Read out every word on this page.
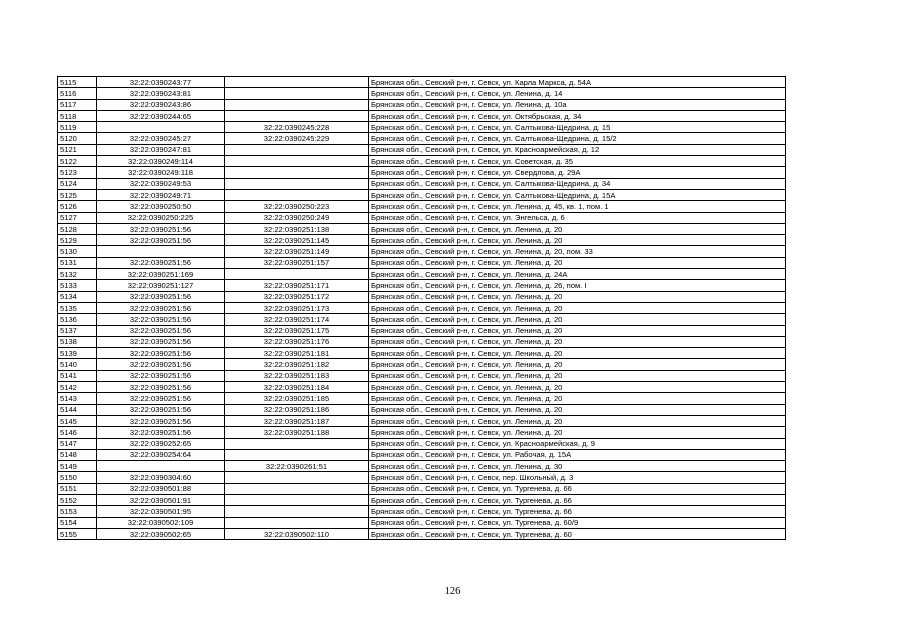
5115	32:22:0390243:77		Брянская обл., Севский р-н, г. Севск, ул. Карла Маркса, д. 54А
5116	32:22:0390243:81		Брянская обл., Севский р-н, г. Севск, ул. Ленина, д. 14
5117	32:22:0390243:86		Брянская обл., Севский р-н, г. Севск, ул. Ленина, д. 10а
5118	32:22:0390244:65		Брянская обл., Севский р-н, г. Севск, ул. Октябрьская, д. 34
5119		32:22:0390245:228	Брянская обл., Севский р-н, г. Севск, ул. Салтыкова-Щедрина, д. 15
5120	32:22:0390245:27	32:22:0390245:229	Брянская обл., Севский р-н, г. Севск, ул. Салтыкова-Щедрина, д. 15/2
5121	32:22:0390247:81		Брянская обл., Севский р-н, г. Севск, ул. Красноармейская, д. 12
5122	32:22:0390249:114		Брянская обл., Севский р-н, г. Севск, ул. Советская, д. 35
5123	32:22:0390249:118		Брянская обл., Севский р-н, г. Севск, ул. Свердлова, д. 29А
5124	32:22:0390249:53		Брянская обл., Севский р-н, г. Севск, ул. Салтыкова-Щедрина, д. 34
5125	32:22:0390249:71		Брянская обл., Севский р-н, г. Севск, ул. Салтыкова-Щедрина, д. 15А
5126	32:22:0390250:50	32:22:0390250:223	Брянская обл., Севский р-н, г. Севск, ул. Ленина, д. 45, кв. 1, пом. 1
5127	32:22:0390250:225	32:22:0390250:249	Брянская обл., Севский р-н, г. Севск, ул. Энгельса, д. 6
5128	32:22:0390251:56	32:22:0390251:138	Брянская обл., Севский р-н, г. Севск, ул. Ленина, д. 20
5129	32:22:0390251:56	32:22:0390251:145	Брянская обл., Севский р-н, г. Севск, ул. Ленина, д. 20
5130		32:22:0390251:149	Брянская обл., Севский р-н, г. Севск, ул. Ленина, д. 20, пом. 33
5131	32:22:0390251:56	32:22:0390251:157	Брянская обл., Севский р-н, г. Севск, ул. Ленина, д. 20
5132	32:22:0390251:169		Брянская обл., Севский р-н, г. Севск, ул. Ленина, д. 24А
5133	32:22:0390251:127	32:22:0390251:171	Брянская обл., Севский р-н, г. Севск, ул. Ленина, д. 26, пом. I
5134	32:22:0390251:56	32:22:0390251:172	Брянская обл., Севский р-н, г. Севск, ул. Ленина, д. 20
5135	32:22:0390251:56	32:22:0390251:173	Брянская обл., Севский р-н, г. Севск, ул. Ленина, д. 20
5136	32:22:0390251:56	32:22:0390251:174	Брянская обл., Севский р-н, г. Севск, ул. Ленина, д. 20
5137	32:22:0390251:56	32:22:0390251:175	Брянская обл., Севский р-н, г. Севск, ул. Ленина, д. 20
5138	32:22:0390251:56	32:22:0390251:176	Брянская обл., Севский р-н, г. Севск, ул. Ленина, д. 20
5139	32:22:0390251:56	32:22:0390251:181	Брянская обл., Севский р-н, г. Севск, ул. Ленина, д. 20
5140	32:22:0390251:56	32:22:0390251:182	Брянская обл., Севский р-н, г. Севск, ул. Ленина, д. 20
5141	32:22:0390251:56	32:22:0390251:183	Брянская обл., Севский р-н, г. Севск, ул. Ленина, д. 20
5142	32:22:0390251:56	32:22:0390251:184	Брянская обл., Севский р-н, г. Севск, ул. Ленина, д. 20
5143	32:22:0390251:56	32:22:0390251:185	Брянская обл., Севский р-н, г. Севск, ул. Ленина, д. 20
5144	32:22:0390251:56	32:22:0390251:186	Брянская обл., Севский р-н, г. Севск, ул. Ленина, д. 20
5145	32:22:0390251:56	32:22:0390251:187	Брянская обл., Севский р-н, г. Севск, ул. Ленина, д. 20
5146	32:22:0390251:56	32:22:0390251:188	Брянская обл., Севский р-н, г. Севск, ул. Ленина, д. 20
5147	32:22:0390252:65		Брянская обл., Севский р-н, г. Севск, ул. Красноармейская, д. 9
5148	32:22:0390254:64		Брянская обл., Севский р-н, г. Севск, ул. Рабочая, д. 15А
5149		32:22:0390261:51	Брянская обл., Севский р-н, г. Севск, ул. Ленина, д. 30
5150	32:22:0390304:60		Брянская обл., Севский р-н, г. Севск, пер. Школьный, д. 3
5151	32:22:0390501:88		Брянская обл., Севский р-н, г. Севск, ул. Тургенева, д. 66
5152	32:22:0390501:91		Брянская обл., Севский р-н, г. Севск, ул. Тургенева, д. 66
5153	32:22:0390501:95		Брянская обл., Севский р-н, г. Севск, ул. Тургенева, д. 66
5154	32:22:0390502:109		Брянская обл., Севский р-н, г. Севск, ул. Тургенева, д. 60/9
5155	32:22:0390502:65	32:22:0390502:110	Брянская обл., Севский р-н, г. Севск, ул. Тургенева, д. 60
126
